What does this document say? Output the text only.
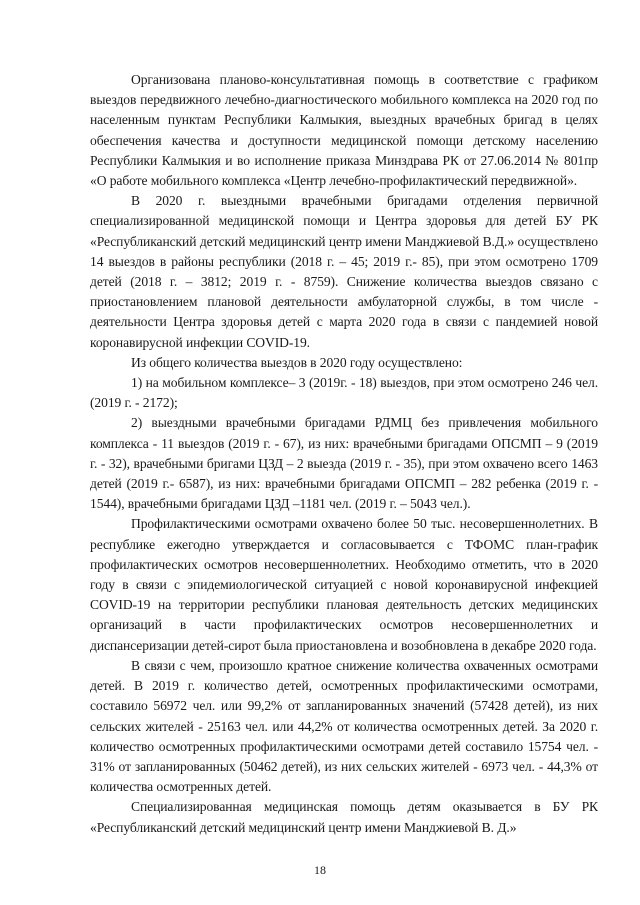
Организована планово-консультативная помощь в соответствие с графиком выездов передвижного лечебно-диагностического мобильного комплекса на 2020 год по населенным пунктам Республики Калмыкия, выездных врачебных бригад в целях обеспечения качества и доступности медицинской помощи детскому населению Республики Калмыкия и во исполнение приказа Минздрава РК от 27.06.2014 № 801пр «О работе мобильного комплекса «Центр лечебно-профилактический передвижной».

В 2020 г. выездными врачебными бригадами отделения первичной специализированной медицинской помощи и Центра здоровья для детей БУ РК «Республиканский детский медицинский центр имени Манджиевой В.Д.» осуществлено 14 выездов в районы республики (2018 г. – 45; 2019 г.- 85), при этом осмотрено 1709 детей (2018 г. – 3812; 2019 г. - 8759). Снижение количества выездов связано с приостановлением плановой деятельности амбулаторной службы, в том числе - деятельности Центра здоровья детей с марта 2020 года в связи с пандемией новой коронавирусной инфекции COVID-19.

Из общего количества выездов в 2020 году осуществлено:

1) на мобильном комплексе– 3 (2019г. - 18) выездов, при этом осмотрено 246 чел. (2019 г. - 2172);

2) выездными врачебными бригадами РДМЦ без привлечения мобильного комплекса - 11 выездов (2019 г. - 67), из них: врачебными бригадами ОПСМП – 9 (2019 г. - 32), врачебными бригами ЦЗД – 2 выезда (2019 г. - 35), при этом охвачено всего 1463 детей (2019 г.- 6587), из них: врачебными бригадами ОПСМП – 282 ребенка (2019 г. - 1544), врачебными бригадами ЦЗД –1181 чел. (2019 г. – 5043 чел.).

Профилактическими осмотрами охвачено более 50 тыс. несовершеннолетних. В республике ежегодно утверждается и согласовывается с ТФОМС план-график профилактических осмотров несовершеннолетних. Необходимо отметить, что в 2020 году в связи с эпидемиологической ситуацией с новой коронавирусной инфекцией COVID-19 на территории республики плановая деятельность детских медицинских организаций в части профилактических осмотров несовершеннолетних и диспансеризации детей-сирот была приостановлена и возобновлена в декабре 2020 года.

В связи с чем, произошло кратное снижение количества охваченных осмотрами детей. В 2019 г. количество детей, осмотренных профилактическими осмотрами, составило 56972 чел. или 99,2% от запланированных значений (57428 детей), из них сельских жителей - 25163 чел. или 44,2% от количества осмотренных детей. За 2020 г. количество осмотренных профилактическими осмотрами детей составило 15754 чел. - 31% от запланированных (50462 детей), из них сельских жителей - 6973 чел. - 44,3% от количества осмотренных детей.

Специализированная медицинская помощь детям оказывается в БУ РК «Республиканский детский медицинский центр имени Манджиевой В. Д.»

18
